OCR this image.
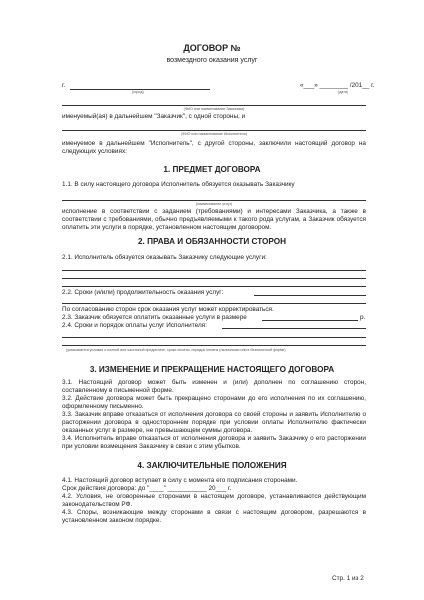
ДОГОВОР №
возмездного оказания услуг
г.
(город)
«___» ________ /201__ г.
(дата)
(ФИО или наименование Заказчика)
именуемый(ая) в дальнейшем "Заказчик", с одной стороны, и
(ФИО или наименование Исполнителя)
именуемое в дальнейшем "Исполнитель", с другой стороны, заключили настоящий договор на следующих условиях:
1. ПРЕДМЕТ ДОГОВОРА
1.1. В силу настоящего договора Исполнитель обязуется оказывать Заказчику
(наименование услуг)
исполнение в соответствии с заданием (требованиями) и интересами Заказчика, а также в соответствии с требованиями, обычно предъявляемыми к такого рода услугам, а Заказчик обязуется оплатить эти услуги в порядке, установленном настоящим договором.
2. ПРАВА И ОБЯЗАННОСТИ СТОРОН
2.1. Исполнитель обязуется оказывать Заказчику следующие услуги:
2.2. Сроки (и/или) продолжительность оказания услуг:
По согласованию сторон срок оказания услуг может корректироваться.
2.3. Заказчик обязуется оплатить оказанные услуги в размере	р.
2.4. Сроки и порядок оплаты услуг Исполнителя:
(указываются условия о полной или частичной предоплате, сроки оплаты, порядок оплаты (наличными или в безналичной форме)
3. ИЗМЕНЕНИЕ И ПРЕКРАЩЕНИЕ НАСТОЯЩЕГО ДОГОВОРА
3.1. Настоящий договор может быть изменен и (или) дополнен по соглашению сторон, составленному в письменной форме.
3.2. Действие договора может быть прекращено сторонами до его исполнения по их соглашению, оформленному письменно.
3.3. Заказчик вправе отказаться от исполнения договора со своей стороны и заявить Исполнителю о расторжении договора в одностороннем порядке при условии оплаты Исполнителю фактически оказанных услуг в размере, не превышающем суммы договора.
3.4. Исполнитель вправе отказаться от исполнения договора и заявить Заказчику о его расторжении при условии возмещения Заказчику в связи с этим убытков.
4. ЗАКЛЮЧИТЕЛЬНЫЕ ПОЛОЖЕНИЯ
4.1. Настоящий договор вступает в силу с момента его подписания сторонами.
Срок действия договора: до "____" ___________ 20___ г.
4.2. Условия, не оговоренные сторонами в настоящем договоре, устанавливаются действующим законодательством РФ.
4.3. Споры, возникающие между сторонами в связи с настоящим договором, разрешаются в установленном законом порядке.
Стр. 1 из 2
